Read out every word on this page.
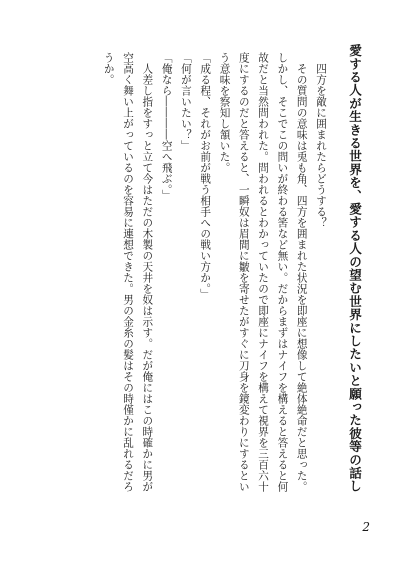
愛する人が生きる世界を、愛する人の望む世界にしたいと願った彼等の話し

　四方を敵に囲まれたらどうする？

　その質問の意味は兎も角、四方を囲まれた状況を即座に想像して絶体絶命だと思った。しかし、そこでこの問いが終わる筈など無い。だからまずはナイフを構えると答えると何故だと当然問われた。問われるとわかっていたので即座にナイフを構えて視界を三百六十度にするのだと答えると、一瞬奴は眉間に皺を寄せたがすぐに刀身を鏡変わりにするという意味を察知し頷いた。

「成る程、それがお前が戦う相手への戦い方か。」

「何が言いたい？」

「俺なら――――空へ飛ぶ。」

　人差し指をすっと立て今はただの木製の天井を奴は示す。だが俺にはこの時確かに男が空高く舞い上がっているのを容易に連想できた。男の金糸の髪はその時僅かに乱れるだろうか。

2
